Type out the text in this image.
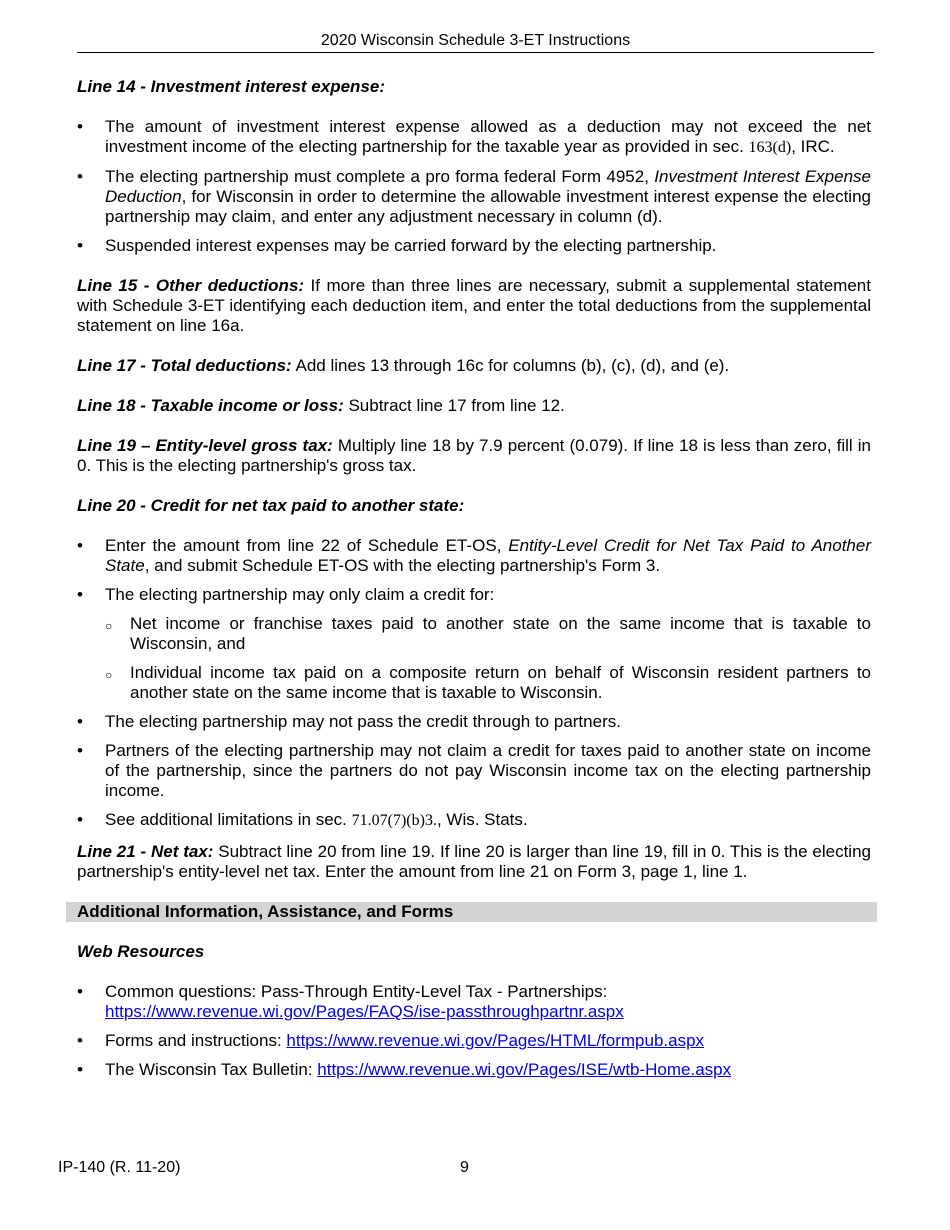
2020 Wisconsin Schedule 3-ET Instructions
Line 14 - Investment interest expense:
• The amount of investment interest expense allowed as a deduction may not exceed the net investment income of the electing partnership for the taxable year as provided in sec. 163(d), IRC.
• The electing partnership must complete a pro forma federal Form 4952, Investment Interest Expense Deduction, for Wisconsin in order to determine the allowable investment interest expense the electing partnership may claim, and enter any adjustment necessary in column (d).
• Suspended interest expenses may be carried forward by the electing partnership.

Line 15 - Other deductions: If more than three lines are necessary, submit a supplemental statement with Schedule 3-ET identifying each deduction item, and enter the total deductions from the supplemental statement on line 16a.

Line 17 - Total deductions: Add lines 13 through 16c for columns (b), (c), (d), and (e).

Line 18 - Taxable income or loss: Subtract line 17 from line 12.

Line 19 – Entity-level gross tax: Multiply line 18 by 7.9 percent (0.079). If line 18 is less than zero, fill in 0. This is the electing partnership's gross tax.

Line 20 - Credit for net tax paid to another state:
• Enter the amount from line 22 of Schedule ET-OS, Entity-Level Credit for Net Tax Paid to Another State, and submit Schedule ET-OS with the electing partnership's Form 3.
• The electing partnership may only claim a credit for:
○ Net income or franchise taxes paid to another state on the same income that is taxable to Wisconsin, and
○ Individual income tax paid on a composite return on behalf of Wisconsin resident partners to another state on the same income that is taxable to Wisconsin.
• The electing partnership may not pass the credit through to partners.
• Partners of the electing partnership may not claim a credit for taxes paid to another state on income of the partnership, since the partners do not pay Wisconsin income tax on the electing partnership income.
• See additional limitations in sec. 71.07(7)(b)3., Wis. Stats.

Line 21 - Net tax: Subtract line 20 from line 19. If line 20 is larger than line 19, fill in 0. This is the electing partnership's entity-level net tax. Enter the amount from line 21 on Form 3, page 1, line 1.

Additional Information, Assistance, and Forms
Web Resources
• Common questions: Pass-Through Entity-Level Tax - Partnerships:
https://www.revenue.wi.gov/Pages/FAQS/ise-passthroughpartnr.aspx
• Forms and instructions: https://www.revenue.wi.gov/Pages/HTML/formpub.aspx
• The Wisconsin Tax Bulletin: https://www.revenue.wi.gov/Pages/ISE/wtb-Home.aspx
IP-140 (R. 11-20)	9
